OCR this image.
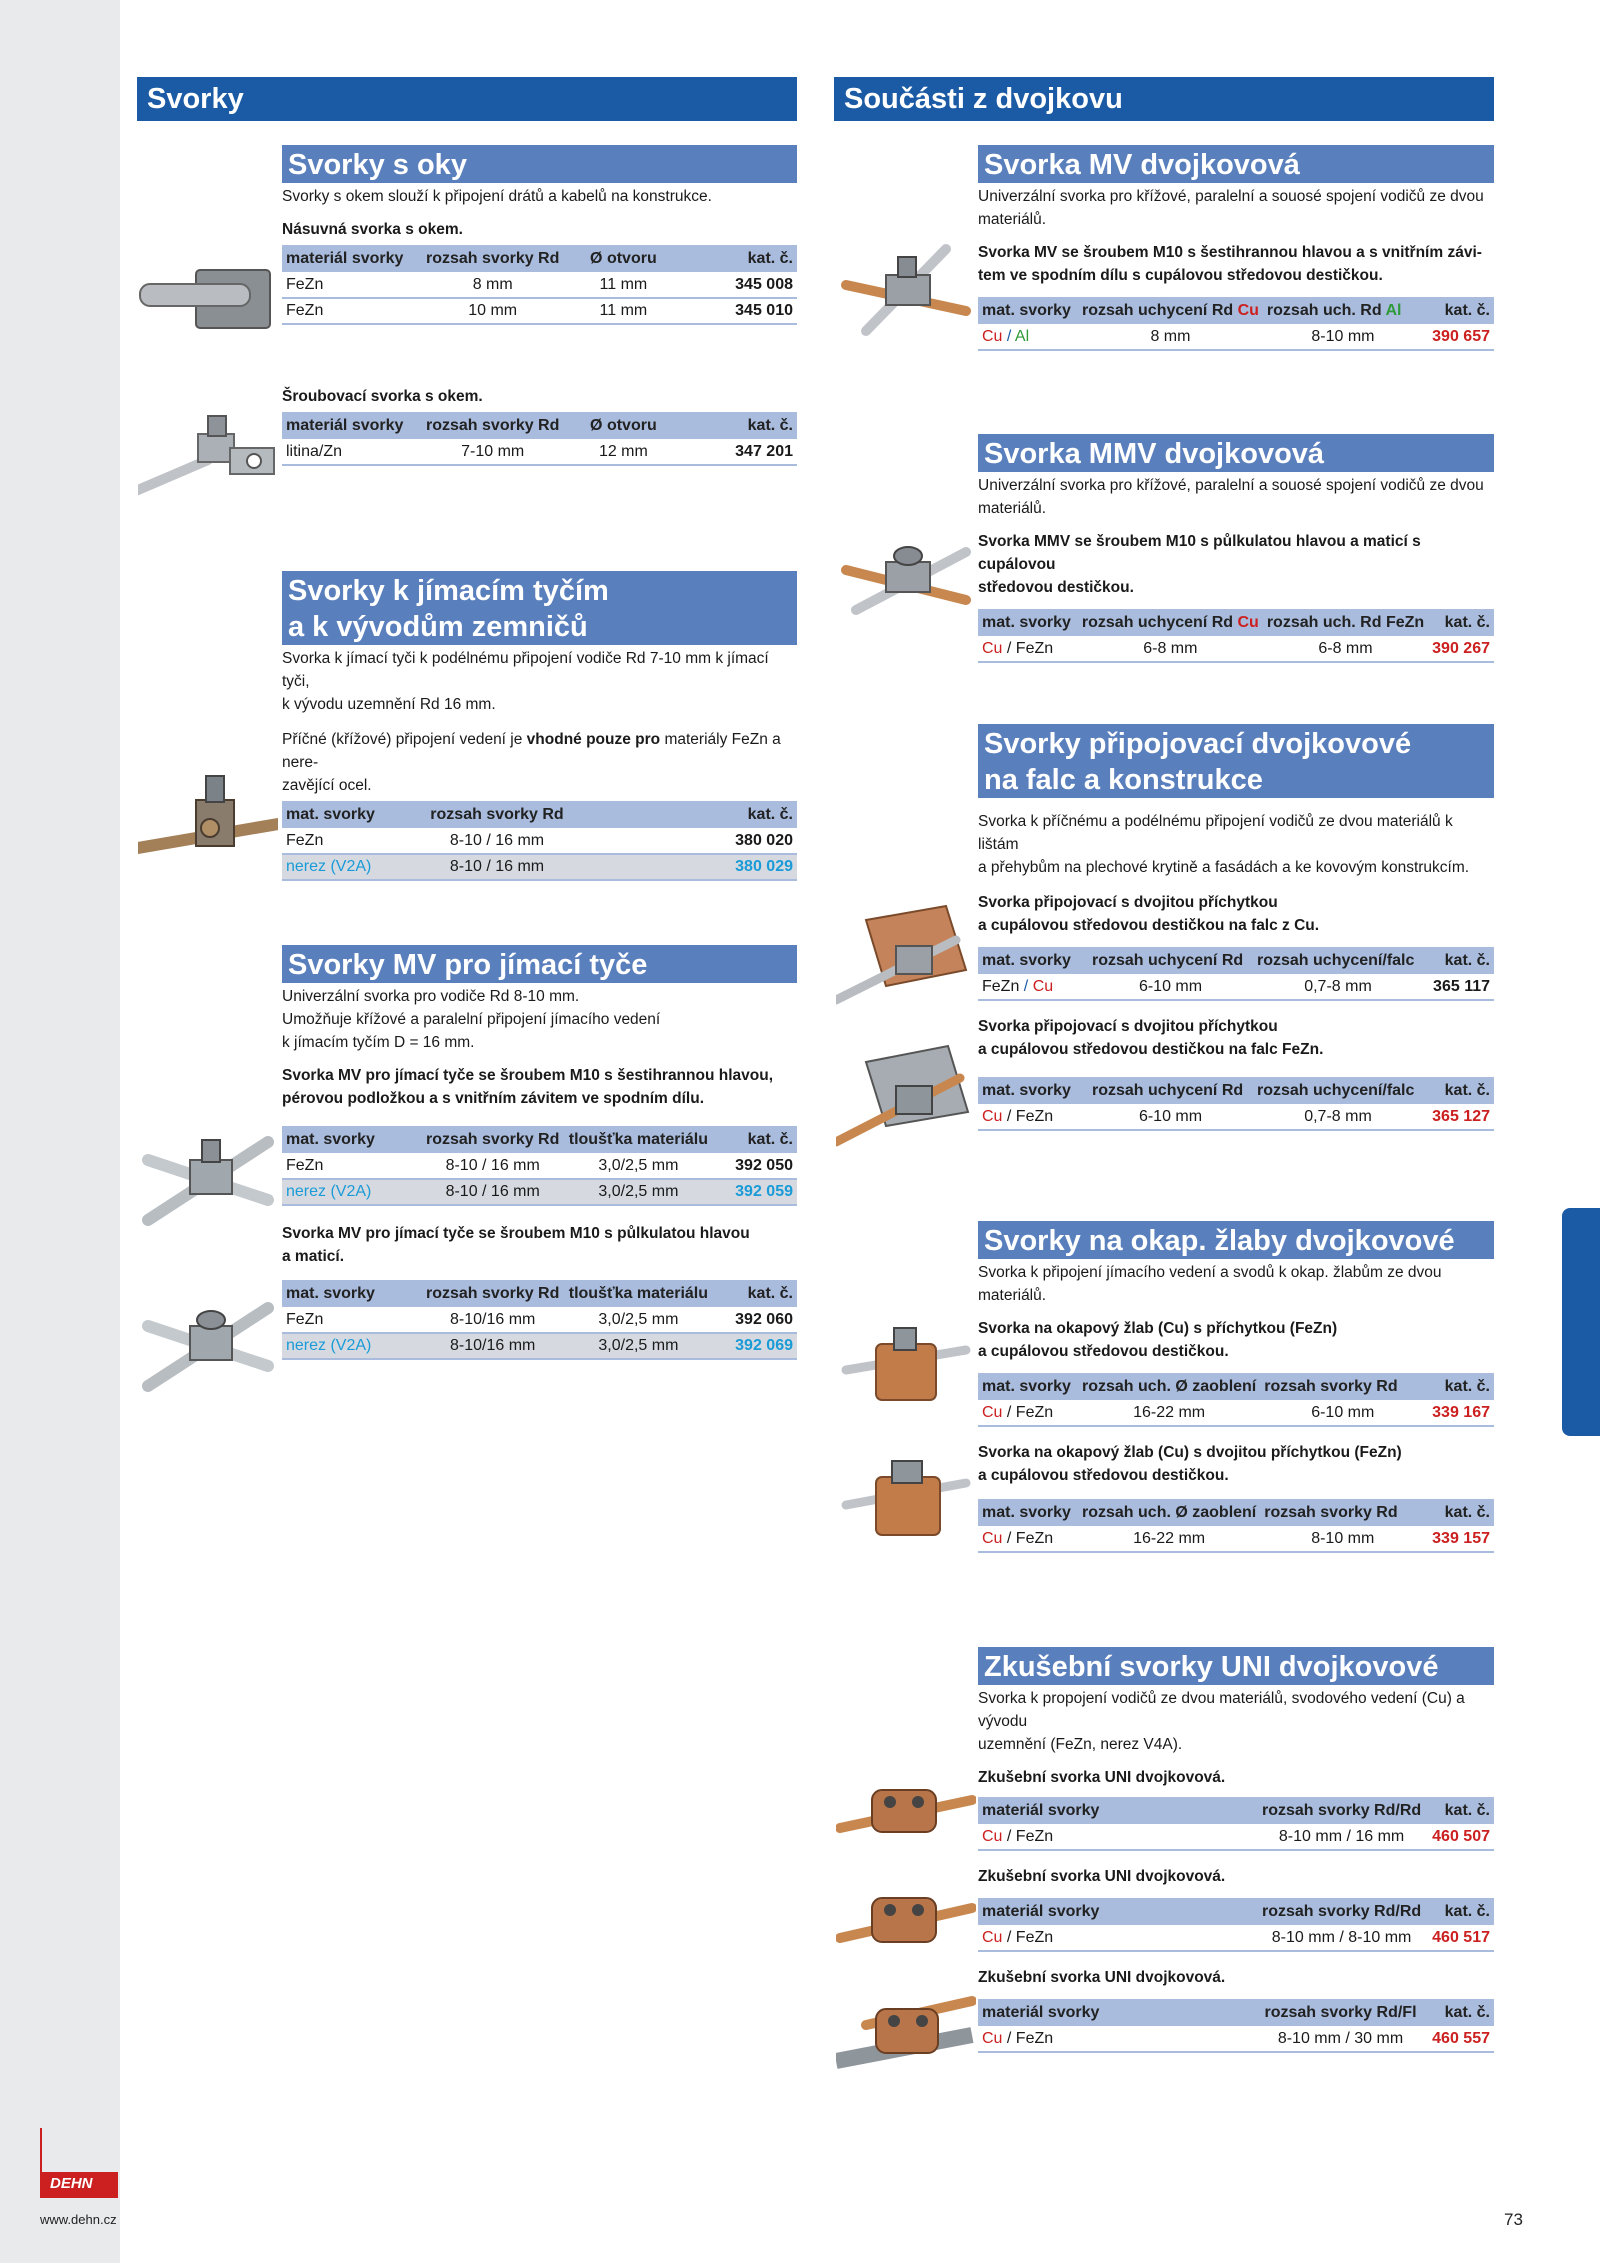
DEHN
www.dehn.cz	73
Svorky	Součásti z dvojkovu
Svorky s oky
Svorky s okem slouží k připojení drátů a kabelů na konstrukce.
Násuvná svorka s okem.
materiál svorky	rozsah svorky Rd	Ø otvoru	kat. č.
FeZn	8 mm	11 mm	345 008
FeZn	10 mm	11 mm	345 010
Šroubovací svorka s okem.
materiál svorky	rozsah svorky Rd	Ø otvoru	kat. č.
litina/Zn	7-10 mm	12 mm	347 201
Svorky k jímacím tyčím
a k vývodům zemničů
Svorka k jímací tyči k podélnému připojení vodiče Rd 7-10 mm k jímací tyči,
k vývodu uzemnění Rd 16 mm.
Příčné (křížové) připojení vedení je vhodné pouze pro materiály FeZn a nere-
zavějící ocel.
mat. svorky	rozsah svorky Rd	kat. č.
FeZn	8-10 / 16 mm	380 020
nerez (V2A)	8-10 / 16 mm	380 029
Svorky MV pro jímací tyče
Univerzální svorka pro vodiče Rd 8-10 mm.
Umožňuje křížové a paralelní připojení jímacího vedení
k jímacím tyčím D = 16 mm.
Svorka MV pro jímací tyče se šroubem M10 s šestihrannou hlavou,
pérovou podložkou a s vnitřním závitem ve spodním dílu.
mat. svorky	rozsah svorky Rd	tloušťka materiálu	kat. č.
FeZn	8-10 / 16 mm	3,0/2,5 mm	392 050
nerez (V2A)	8-10 / 16 mm	3,0/2,5 mm	392 059
Svorka MV pro jímací tyče se šroubem M10 s půlkulatou hlavou
a maticí.
mat. svorky	rozsah svorky Rd	tloušťka materiálu	kat. č.
FeZn	8-10/16 mm	3,0/2,5 mm	392 060
nerez (V2A)	8-10/16 mm	3,0/2,5 mm	392 069
Svorka MV dvojkovová
Univerzální svorka pro křížové, paralelní a souosé spojení vodičů ze dvou materiálů.
Svorka MV se šroubem M10 s šestihrannou hlavou a s vnitřním závi-
tem ve spodním dílu s cupálovou středovou destičkou.
mat. svorky	rozsah uchycení Rd Cu	rozsah uch. Rd Al	kat. č.
Cu / Al	8 mm	8-10 mm	390 657
Svorka MMV dvojkovová
Univerzální svorka pro křížové, paralelní a souosé spojení vodičů ze dvou materiálů.
Svorka MMV se šroubem M10 s půlkulatou hlavou a maticí s cupálovou
středovou destičkou.
mat. svorky	rozsah uchycení Rd Cu	rozsah uch. Rd FeZn	kat. č.
Cu / FeZn	6-8 mm	6-8 mm	390 267
Svorky připojovací dvojkovové
na falc a konstrukce
Svorka k příčnému a podélnému připojení vodičů ze dvou materiálů k lištám
a přehybům na plechové krytině a fasádách a ke kovovým konstrukcím.
Svorka připojovací s dvojitou příchytkou
a cupálovou středovou destičkou na falc z Cu.
mat. svorky	rozsah uchycení Rd	rozsah uchycení/falc	kat. č.
FeZn / Cu	6-10 mm	0,7-8 mm	365 117
Svorka připojovací s dvojitou příchytkou
a cupálovou středovou destičkou na falc FeZn.
mat. svorky	rozsah uchycení Rd	rozsah uchycení/falc	kat. č.
Cu / FeZn	6-10 mm	0,7-8 mm	365 127
Svorky na okap. žlaby dvojkovové
Svorka k připojení jímacího vedení a svodů k okap. žlabům ze dvou materiálů.
Svorka na okapový žlab (Cu) s příchytkou (FeZn)
a cupálovou středovou destičkou.
mat. svorky	rozsah uch. Ø zaoblení	rozsah svorky Rd	kat. č.
Cu / FeZn	16-22 mm	6-10 mm	339 167
Svorka na okapový žlab (Cu) s dvojitou příchytkou (FeZn)
a cupálovou středovou destičkou.
mat. svorky	rozsah uch. Ø zaoblení	rozsah svorky Rd	kat. č.
Cu / FeZn	16-22 mm	8-10 mm	339 157
Zkušební svorky UNI dvojkovové
Svorka k propojení vodičů ze dvou materiálů, svodového vedení (Cu) a vývodu
uzemnění (FeZn, nerez V4A).
Zkušební svorka UNI dvojkovová.
materiál svorky	rozsah svorky Rd/Rd	kat. č.
Cu / FeZn	8-10 mm / 16 mm	460 507
Zkušební svorka UNI dvojkovová.
materiál svorky	rozsah svorky Rd/Rd	kat. č.
Cu / FeZn	8-10 mm / 8-10 mm	460 517
Zkušební svorka UNI dvojkovová.
materiál svorky	rozsah svorky Rd/Fl	kat. č.
Cu / FeZn	8-10 mm / 30 mm	460 557
